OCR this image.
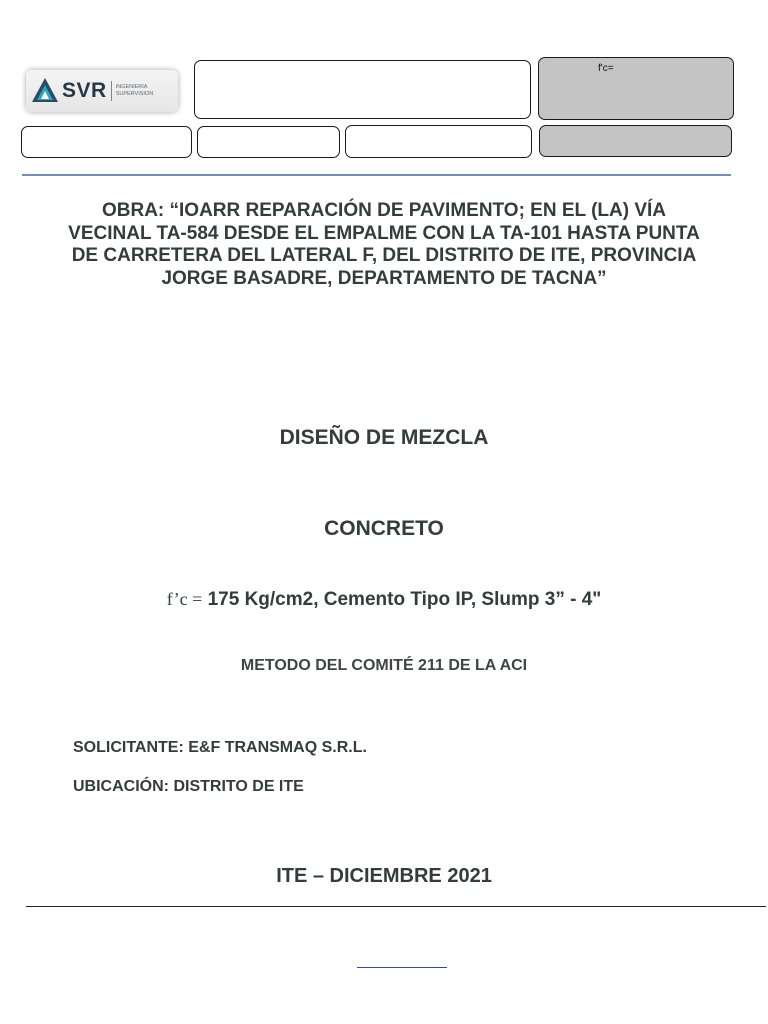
SVR INGENIERIA
SUPERVISION
f'c=
OBRA: “IOARR REPARACIÓN DE PAVIMENTO; EN EL (LA) VÍA VECINAL TA-584 DESDE EL EMPALME CON LA TA-101 HASTA PUNTA DE CARRETERA DEL LATERAL F, DEL DISTRITO DE ITE, PROVINCIA JORGE BASADRE, DEPARTAMENTO DE TACNA”
DISEÑO DE MEZCLA
CONCRETO
f’c = 175 Kg/cm2, Cemento Tipo IP, Slump 3” - 4"
METODO DEL COMITÉ 211 DE LA ACI
SOLICITANTE: E&F TRANSMAQ S.R.L.
UBICACIÓN: DISTRITO DE ITE
ITE – DICIEMBRE 2021
